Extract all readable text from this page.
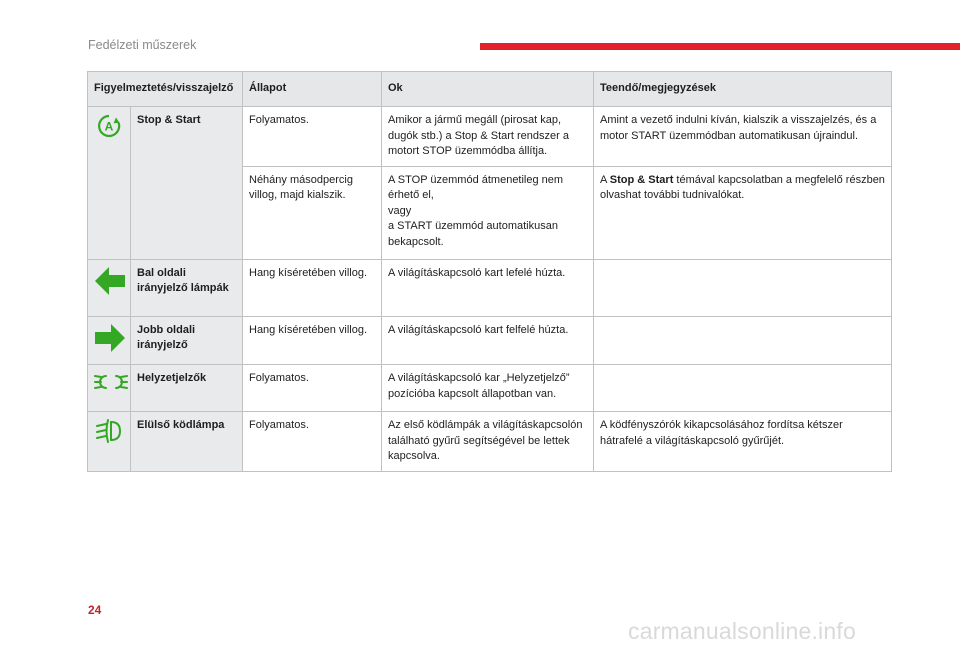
Fedélzeti műszerek
Figyelmeztetés/visszajelző		Állapot	Ok	Teendő/megjegyzések

A	Stop & Start	Folyamatos.	Amikor a jármű megáll (pirosat kap, dugók stb.) a Stop & Start rendszer a motort STOP üzemmódba állítja.	Amint a vezető indulni kíván, kialszik a visszajelzés, és a motor START üzemmódban automatikusan újraindul.
		Néhány másodpercig villog, majd kialszik.	A STOP üzemmód átmenetileg nem érhető el,
vagy
a START üzemmód automatikusan bekapcsolt.	A Stop & Start témával kapcsolatban a megfelelő részben olvashat további tudnivalókat.
	Bal oldali irányjelző lámpák	Hang kíséretében villog.	A világításkapcsoló kart lefelé húzta.	
	Jobb oldali irányjelző	Hang kíséretében villog.	A világításkapcsoló kart felfelé húzta.	
	Helyzetjelzők	Folyamatos.	A világításkapcsoló kar „Helyzetjelző” pozícióba kapcsolt állapotban van.	
	Elülső ködlámpa	Folyamatos.	Az első ködlámpák a világításkapcsolón található gyűrű segítségével be lettek kapcsolva.	A ködfényszórók kikapcsolásához fordítsa kétszer hátrafelé a világításkapcsoló gyűrűjét.
24
carmanualsonline.info
